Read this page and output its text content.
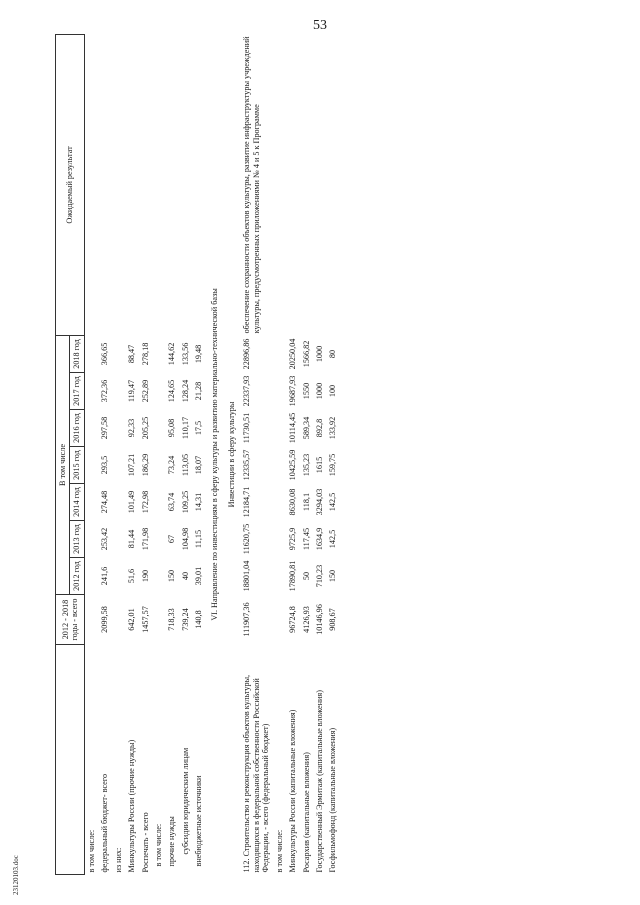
53
	2012 - 2018 годы - всего	В том числе							Ожидаемый результат
		2012 год	2013 год	2014 год	2015 год	2016 год	2017 год	2018 год	
в том числе:									
федеральный бюджет- всего	2099,58	241,6	253,42	274,48	293,5	297,58	372,36	366,65	
из них:									
Минкультуры России (прочие нужды)	642,01	51,6	81,44	101,49	107,21	92,33	119,47	88,47	
Роспечать - всего	1457,57	190	171,98	172,98	186,29	205,25	252,89	278,18	
в том числе:									
прочие нужды	718,33	150	67	63,74	73,24	95,08	124,65	144,62	
субсидии юридическим лицам	739,24	40	104,98	109,25	113,05	110,17	128,24	133,56	
внебюджетные источники	140,8	39,01	11,15	14,31	18,07	17,5	21,28	19,48	
VI. Направление по инвестициям в сферу культуры и развитию материально-технической базы									
Инвестиции в сферу культуры									
112. Строительство и реконструкция объектов культуры, находящихся в федеральной собственности Российской Федерации, - всего (федеральный бюджет)	111907,36	18801,04	11620,75	12184,71	12335,57	11730,51	22337,93	22896,86	обеспечение сохранности объектов культуры, развитие инфраструктуры учреждений культуры, предусмотренных приложениями № 4 и 5 к Программе
в том числе:									
Минкультуры России (капитальные вложения)	96724,8	17890,81	9725,9	8630,08	10425,59	10114,45	19687,93	20250,04	
Росархив (капитальные вложения)	4126,93	50	117,45	118,1	135,23	589,34	1550	1566,82	
Государственный Эрмитаж (капитальные вложения)	10146,96	710,23	1634,9	3294,03	1615	892,8	1000	1000	
Госфильмофонд (капитальные вложения)	908,67	150	142,5	142,5	159,75	133,92	100	80	
23120103.doc
